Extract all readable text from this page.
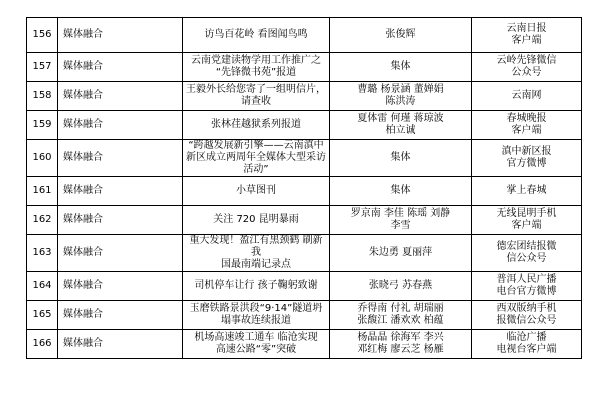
156	媒体融合	访鸟百花岭 看图闻鸟鸣	张俊辉	云南日报
客户端

157	媒体融合	云南党建读物学用工作推广之
“先锋微书苑”报道	集体	云岭先锋微信
公众号

158	媒体融合	王毅外长给您寄了一组明信片，
请查收	曹璐 杨景涵 董婵娟
陈洪涛	云南网

159	媒体融合	张林荏越狱系列报道	夏体雷 何瑾 蒋琼波
柏立诚	春城晚报
客户端

160	媒体融合	“跨越发展新引擎——云南滇中
新区成立两周年全媒体大型采访
活动”	集体	滇中新区报
官方微博

161	媒体融合	小草图刊	集体	掌上春城

162	媒体融合	关注 720 昆明暴雨	罗京南 李佳 陈瑶 刘静
李雪	无线昆明手机
客户端

163	媒体融合	重大发现！盈江有黑颈鹤 刷新我
国最南端记录点	朱边勇 夏丽萍	德宏团结报微
信公众号

164	媒体融合	司机停车让行 孩子鞠躬致谢	张晓弓 苏春燕	普洱人民广播
电台官方微博

165	媒体融合	玉磨铁路景洪段“9·14”隧道坍
塌事故连续报道	乔得南 付礼 胡瑞丽
张馥江 潘欢欢 柏蕴	西双版纳手机
报微信公众号

166	媒体融合	机场高速竣工通车 临沧实现
高速公路“零”突破	杨晶晶 徐海军 李兴
邓红梅 廖云芝 杨雁	临沧广播
电视台客户端
